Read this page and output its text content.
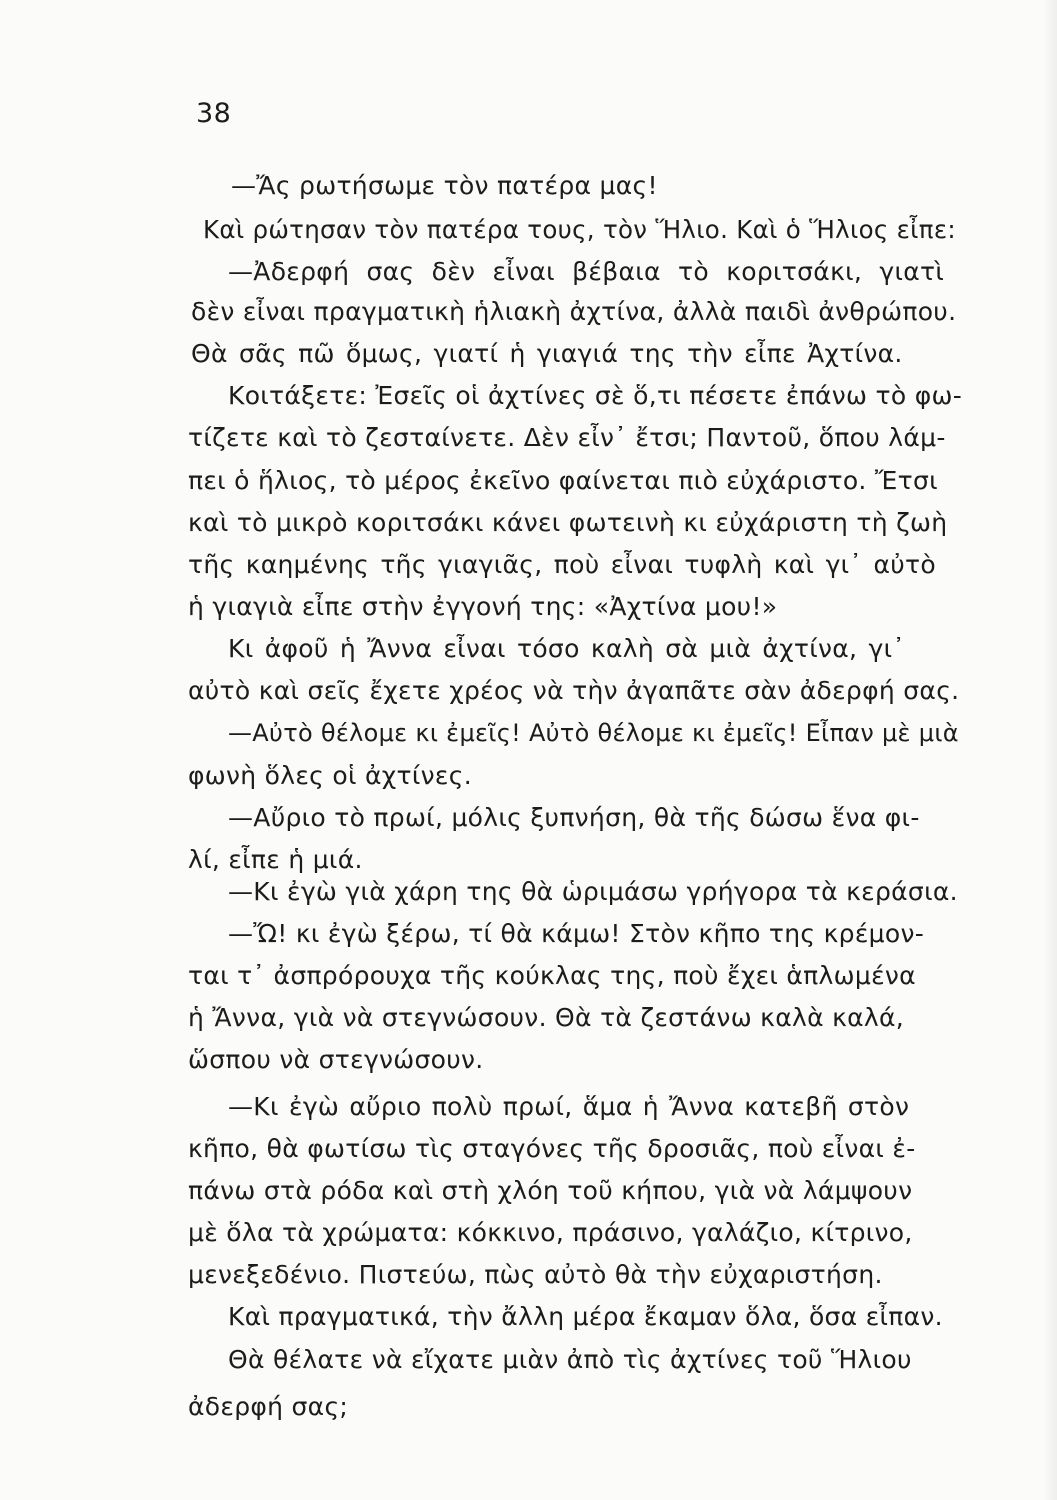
38
—Ἄς ρωτήσωμε τὸν πατέρα μας!
Καὶ ρώτησαν τὸν πατέρα τους, τὸν Ἥλιο. Καὶ ὁ Ἥλιος εἶπε:
—Ἀδερφή σας δὲν εἶναι βέβαια τὸ κοριτσάκι, γιατὶ
δὲν εἶναι πραγματικὴ ἡλιακὴ ἀχτίνα, ἀλλὰ παιδὶ ἀνθρώπου.
Θὰ σᾶς πῶ ὅμως, γιατί ἡ γιαγιά της τὴν εἶπε Ἀχτίνα.
Κοιτάξετε: Ἐσεῖς οἱ ἀχτίνες σὲ ὅ,τι πέσετε ἐπάνω τὸ φω-
τίζετε καὶ τὸ ζεσταίνετε. Δὲν εἶν᾿ ἔτσι; Παντοῦ, ὅπου λάμ-
πει ὁ ἥλιος, τὸ μέρος ἐκεῖνο φαίνεται πιὸ εὐχάριστο. Ἔτσι
καὶ τὸ μικρὸ κοριτσάκι κάνει φωτεινὴ κι εὐχάριστη τὴ ζωὴ
τῆς καημένης τῆς γιαγιᾶς, ποὺ εἶναι τυφλὴ καὶ γι᾿ αὐτὸ
ἡ γιαγιὰ εἶπε στὴν ἐγγονή της: «Ἀχτίνα μου!»
Κι ἀφοῦ ἡ Ἄννα εἶναι τόσο καλὴ σὰ μιὰ ἀχτίνα, γι᾿
αὐτὸ καὶ σεῖς ἔχετε χρέος νὰ τὴν ἀγαπᾶτε σὰν ἀδερφή σας.
—Αὐτὸ θέλομε κι ἐμεῖς! Αὐτὸ θέλομε κι ἐμεῖς! Εἶπαν μὲ μιὰ
φωνὴ ὅλες οἱ ἀχτίνες.
—Αὔριο τὸ πρωί, μόλις ξυπνήση, θὰ τῆς δώσω ἕνα φι-
λί, εἶπε ἡ μιά.
—Κι ἐγὼ γιὰ χάρη της θὰ ὡριμάσω γρήγορα τὰ κεράσια.
—Ὤ! κι ἐγὼ ξέρω, τί θὰ κάμω! Στὸν κῆπο της κρέμον-
ται τ᾿ ἀσπρόρουχα τῆς κούκλας της, ποὺ ἔχει ἁπλωμένα
ἡ Ἄννα, γιὰ νὰ στεγνώσουν. Θὰ τὰ ζεστάνω καλὰ καλά,
ὥσπου νὰ στεγνώσουν.
—Κι ἐγὼ αὔριο πολὺ πρωί, ἅμα ἡ Ἄννα κατεβῆ στὸν
κῆπο, θὰ φωτίσω τὶς σταγόνες τῆς δροσιᾶς, ποὺ εἶναι ἐ-
πάνω στὰ ρόδα καὶ στὴ χλόη τοῦ κήπου, γιὰ νὰ λάμψουν
μὲ ὅλα τὰ χρώματα: κόκκινο, πράσινο, γαλάζιο, κίτρινο,
μενεξεδένιο. Πιστεύω, πὼς αὐτὸ θὰ τὴν εὐχαριστήση.
Καὶ πραγματικά, τὴν ἄλλη μέρα ἔκαμαν ὅλα, ὅσα εἶπαν.
Θὰ θέλατε νὰ εἴχατε μιὰν ἀπὸ τὶς ἀχτίνες τοῦ Ἥλιου
ἀδερφή σας;
